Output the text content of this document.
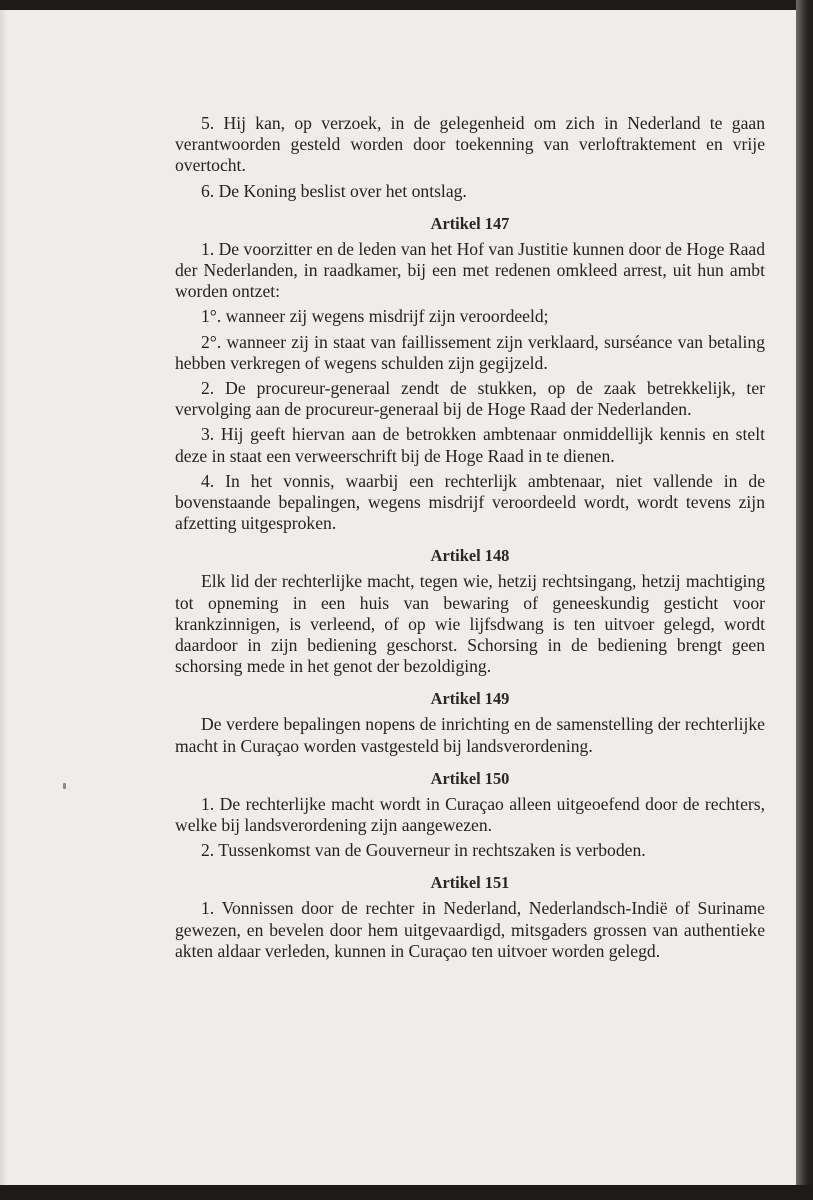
5. Hij kan, op verzoek, in de gelegenheid om zich in Nederland te gaan verantwoorden gesteld worden door toekenning van verloftraktement en vrije overtocht.

6. De Koning beslist over het ontslag.

Artikel 147

1. De voorzitter en de leden van het Hof van Justitie kunnen door de Hoge Raad der Nederlanden, in raadkamer, bij een met redenen omkleed arrest, uit hun ambt worden ontzet:

1°. wanneer zij wegens misdrijf zijn veroordeeld;

2°. wanneer zij in staat van faillissement zijn verklaard, surséance van betaling hebben verkregen of wegens schulden zijn gegijzeld.

2. De procureur-generaal zendt de stukken, op de zaak betrekkelijk, ter vervolging aan de procureur-generaal bij de Hoge Raad der Nederlanden.

3. Hij geeft hiervan aan de betrokken ambtenaar onmiddellijk kennis en stelt deze in staat een verweerschrift bij de Hoge Raad in te dienen.

4. In het vonnis, waarbij een rechterlijk ambtenaar, niet vallende in de bovenstaande bepalingen, wegens misdrijf veroordeeld wordt, wordt tevens zijn afzetting uitgesproken.

Artikel 148

Elk lid der rechterlijke macht, tegen wie, hetzij rechtsingang, hetzij machtiging tot opneming in een huis van bewaring of geneeskundig gesticht voor krankzinnigen, is verleend, of op wie lijfsdwang is ten uitvoer gelegd, wordt daardoor in zijn bediening geschorst. Schorsing in de bediening brengt geen schorsing mede in het genot der bezoldiging.

Artikel 149

De verdere bepalingen nopens de inrichting en de samenstelling der rechterlijke macht in Curaçao worden vastgesteld bij landsverordening.

Artikel 150

1. De rechterlijke macht wordt in Curaçao alleen uitgeoefend door de rechters, welke bij landsverordening zijn aangewezen.

2. Tussenkomst van de Gouverneur in rechtszaken is verboden.

Artikel 151

1. Vonnissen door de rechter in Nederland, Nederlandsch-Indië of Suriname gewezen, en bevelen door hem uitgevaardigd, mitsgaders grossen van authentieke akten aldaar verleden, kunnen in Curaçao ten uitvoer worden gelegd.
